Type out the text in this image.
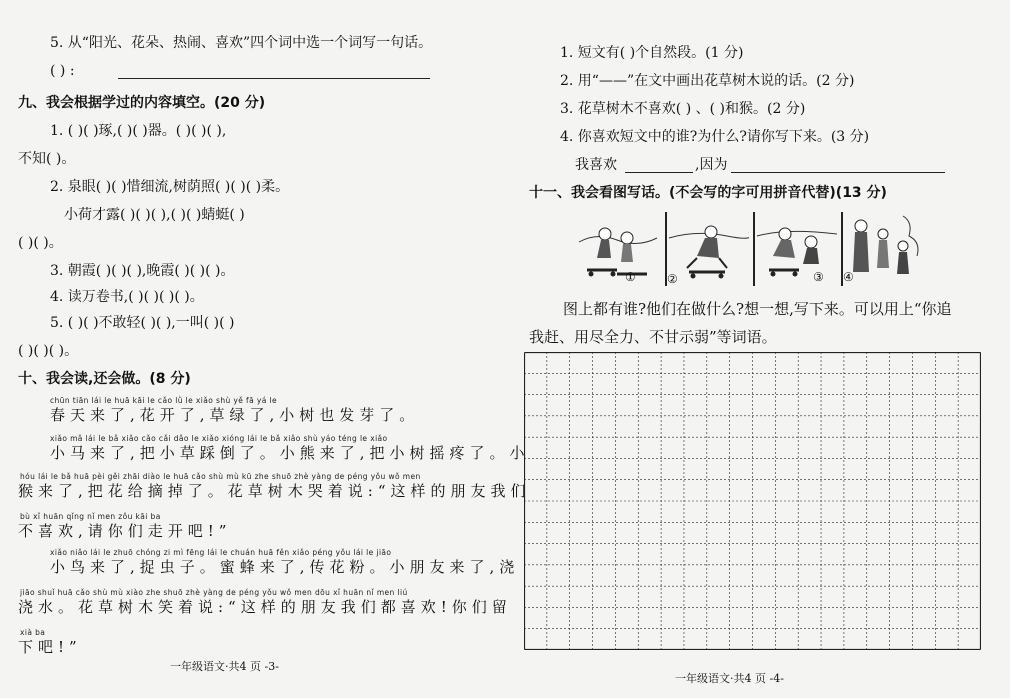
5. 从“阳光、花朵、热闹、喜欢”四个词中选一个词写一句话。
( ) :
九、我会根据学过的内容填空。(20 分)
1. ( )( )琢,( )( )器。( )( )( ),
不知( )。
2. 泉眼( )( )惜细流,树荫照( )( )( )柔。
小荷才露( )( )( ),( )( )蜻蜓( )
( )( )。
3. 朝霞( )( )( ),晚霞( )( )( )。
4. 读万卷书,( )( )( )( )。
5. ( )( )不敢轻( )( ),一叫( )( )
( )( )( )。
十、我会读,还会做。(8 分)
chūn tiān lái le huā kāi le cǎo lǜ le xiǎo shù yě fā yá le
春天来了,花开了,草绿了,小树也发芽了。
xiǎo mǎ lái le bǎ xiǎo cǎo cǎi dǎo le xiǎo xióng lái le bǎ xiǎo shù yáo téng le xiǎo
小马来了,把小草踩倒了。小熊来了,把小树摇疼了。小
hóu lái le bǎ huā pèi gěi zhāi diào le huā cǎo shù mù kū zhe shuō zhè yàng de péng yǒu wǒ men
猴来了,把花给摘掉了。花草树木哭着说:“这样的朋友我们
bù xǐ huān qǐng nǐ men zǒu kāi ba
不喜欢,请你们走开吧!”
xiǎo niǎo lái le zhuō chóng zi mì fēng lái le chuán huā fěn xiǎo péng yǒu lái le jiāo
小鸟来了,捉虫子。蜜蜂来了,传花粉。小朋友来了,浇
jiāo shuǐ huā cǎo shù mù xiào zhe shuō zhè yàng de péng yǒu wǒ men dōu xǐ huān nǐ men liú
浇水。花草树木笑着说:“这样的朋友我们都喜欢!你们留
xià ba
下吧!”
一年级语文·共4 页 -3-
1. 短文有( )个自然段。(1 分)
2. 用“——”在文中画出花草树木说的话。(2 分)
3. 花草树木不喜欢( ) 、( )和猴。(2 分)
4. 你喜欢短文中的谁?为什么?请你写下来。(3 分)
我喜欢	,因为
十一、我会看图写话。(不会写的字可用拼音代替)(13 分)
①	②	③ ④
图上都有谁?他们在做什么?想一想,写下来。可以用上“你追
我赶、用尽全力、不甘示弱”等词语。
一年级语文·共4 页 -4-
